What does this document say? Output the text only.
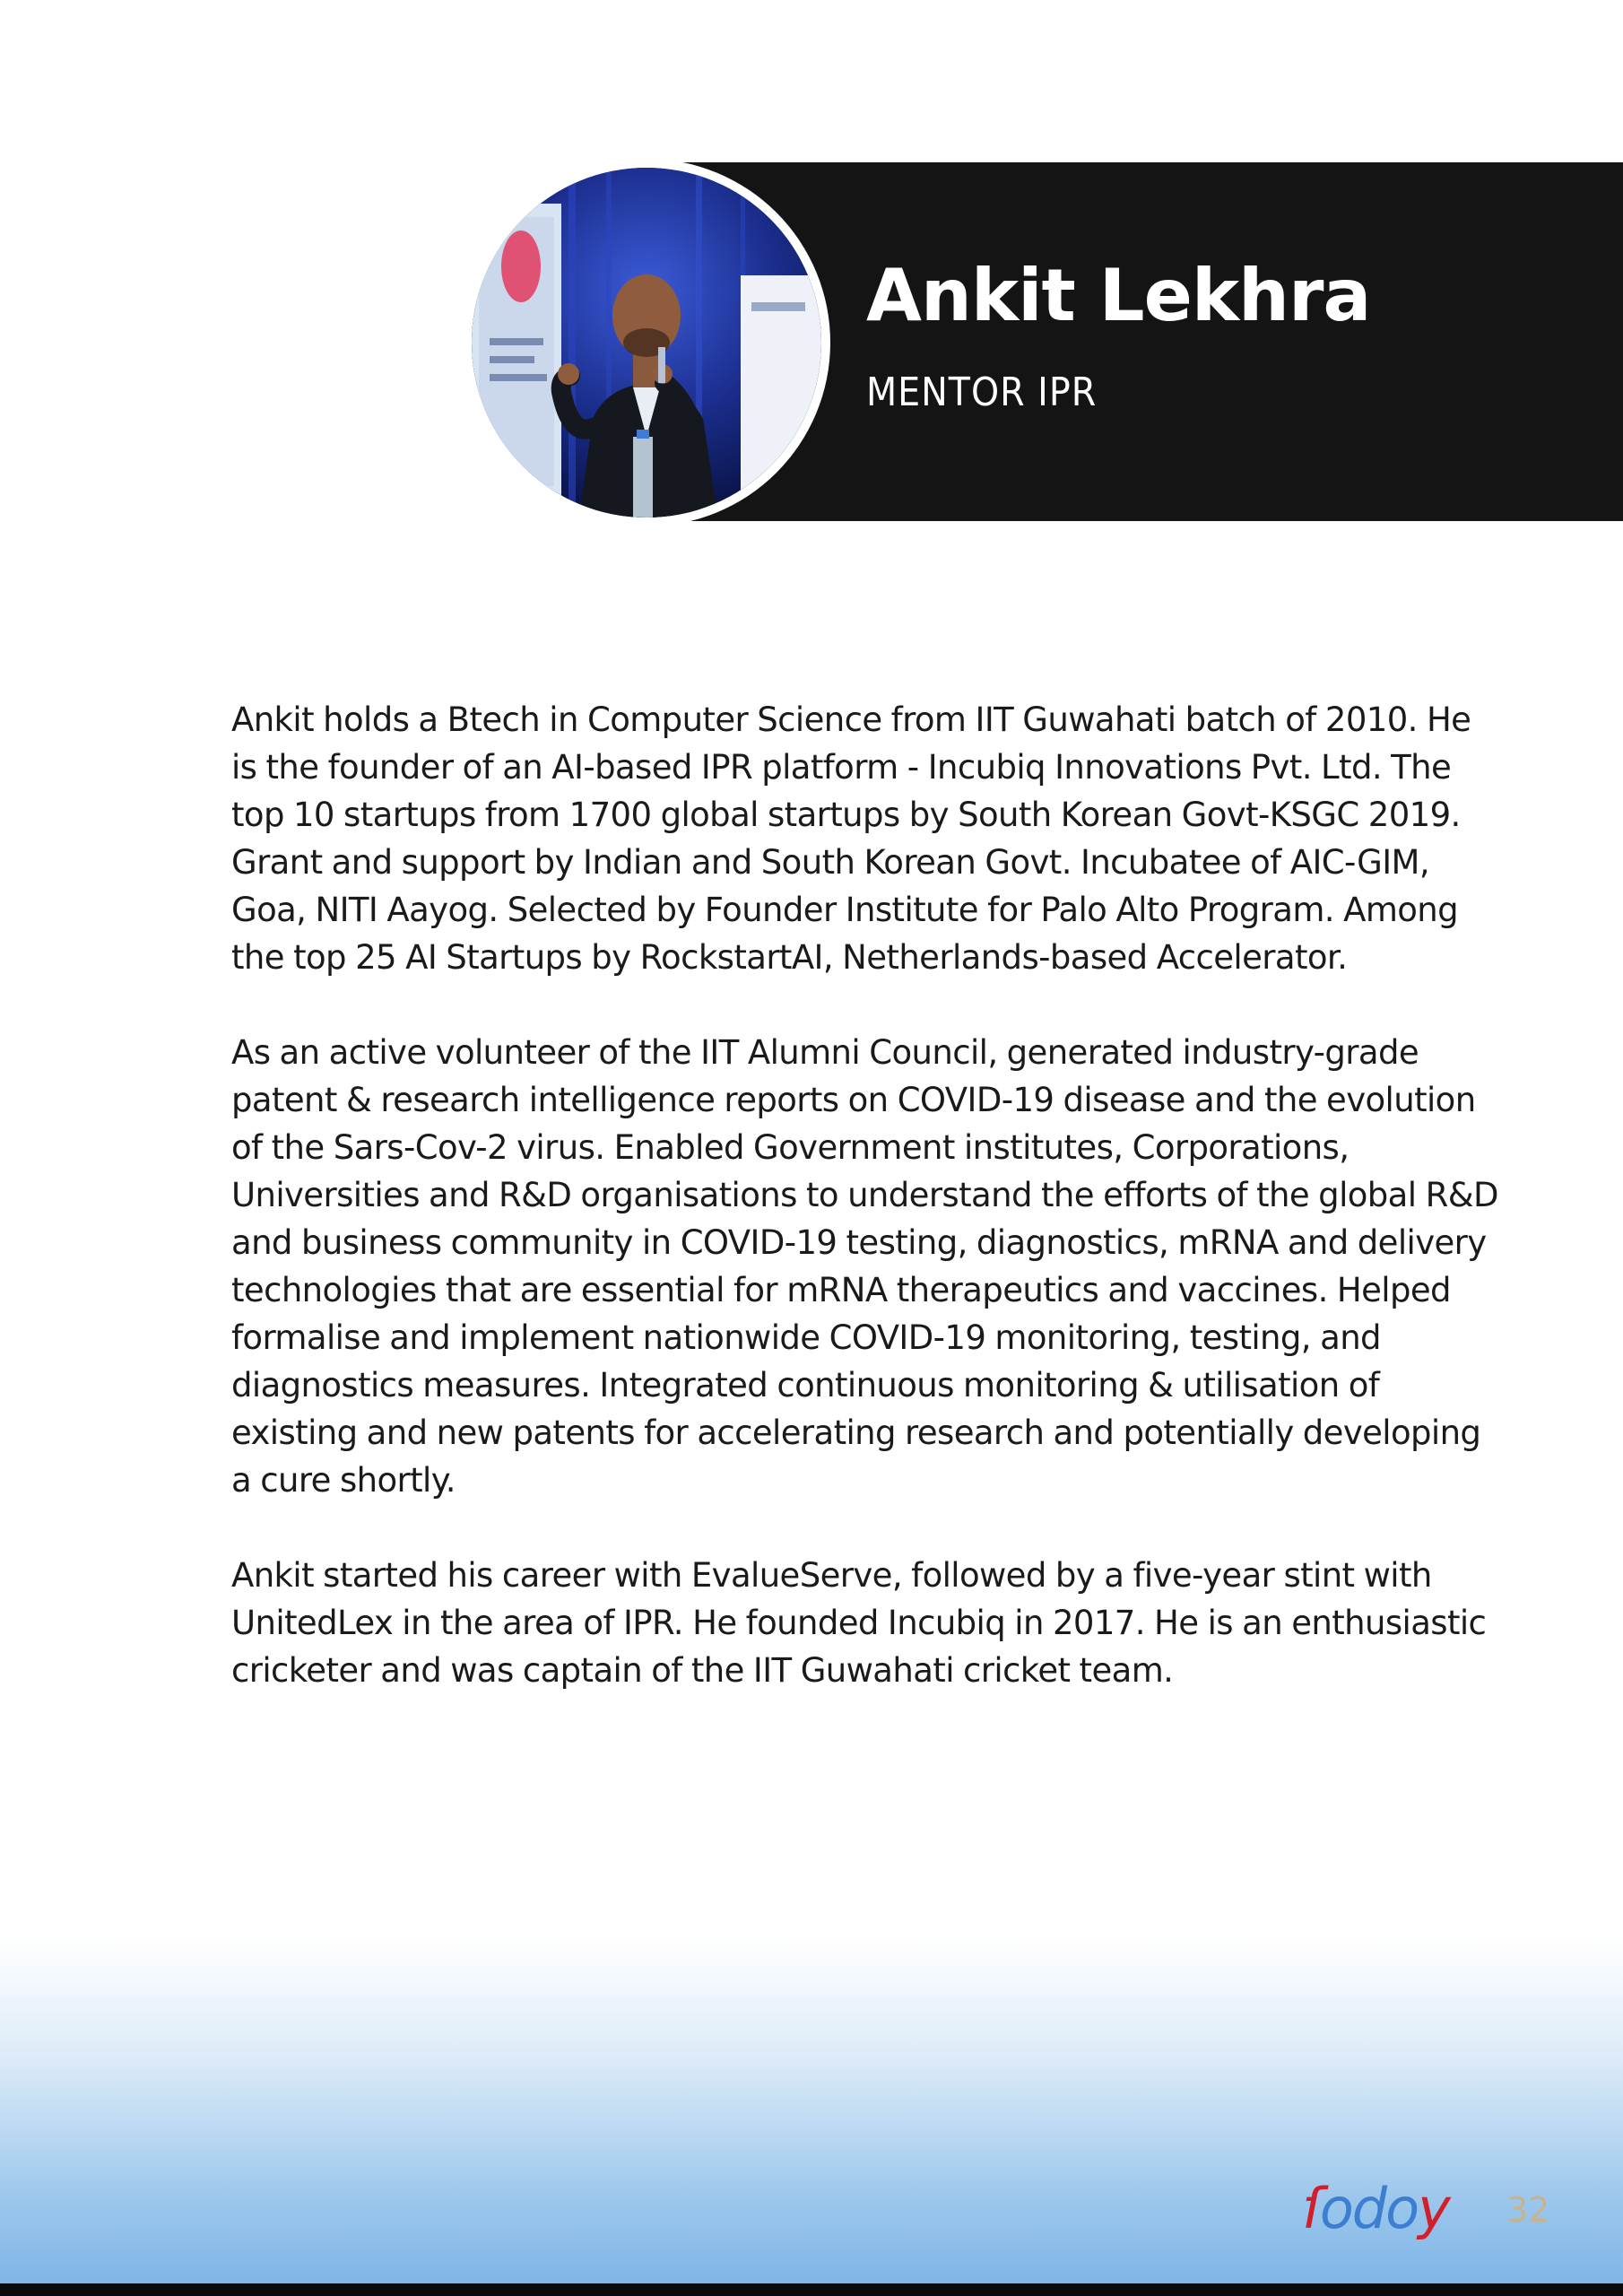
Ankit Lekhra
MENTOR IPR

Ankit holds a Btech in Computer Science from IIT Guwahati batch of 2010. He is the founder of an AI-based IPR platform - Incubiq Innovations Pvt. Ltd. The top 10 startups from 1700 global startups by South Korean Govt-KSGC 2019. Grant and support by Indian and South Korean Govt. Incubatee of AIC-GIM, Goa, NITI Aayog. Selected by Founder Institute for Palo Alto Program. Among the top 25 AI Startups by RockstartAI, Netherlands-based Accelerator.

As an active volunteer of the IIT Alumni Council, generated industry-grade patent & research intelligence reports on COVID-19 disease and the evolution of the Sars-Cov-2 virus. Enabled Government institutes, Corporations, Universities and R&D organisations to understand the efforts of the global R&D and business community in COVID-19 testing, diagnostics, mRNA and delivery technologies that are essential for mRNA therapeutics and vaccines. Helped formalise and implement nationwide COVID-19 monitoring, testing, and diagnostics measures. Integrated continuous monitoring & utilisation of existing and new patents for accelerating research and potentially developing a cure shortly.

Ankit started his career with EvalueServe, followed by a five-year stint with UnitedLex in the area of IPR. He founded Incubiq in 2017. He is an enthusiastic cricketer and was captain of the IIT Guwahati cricket team.

ſodoy 32
